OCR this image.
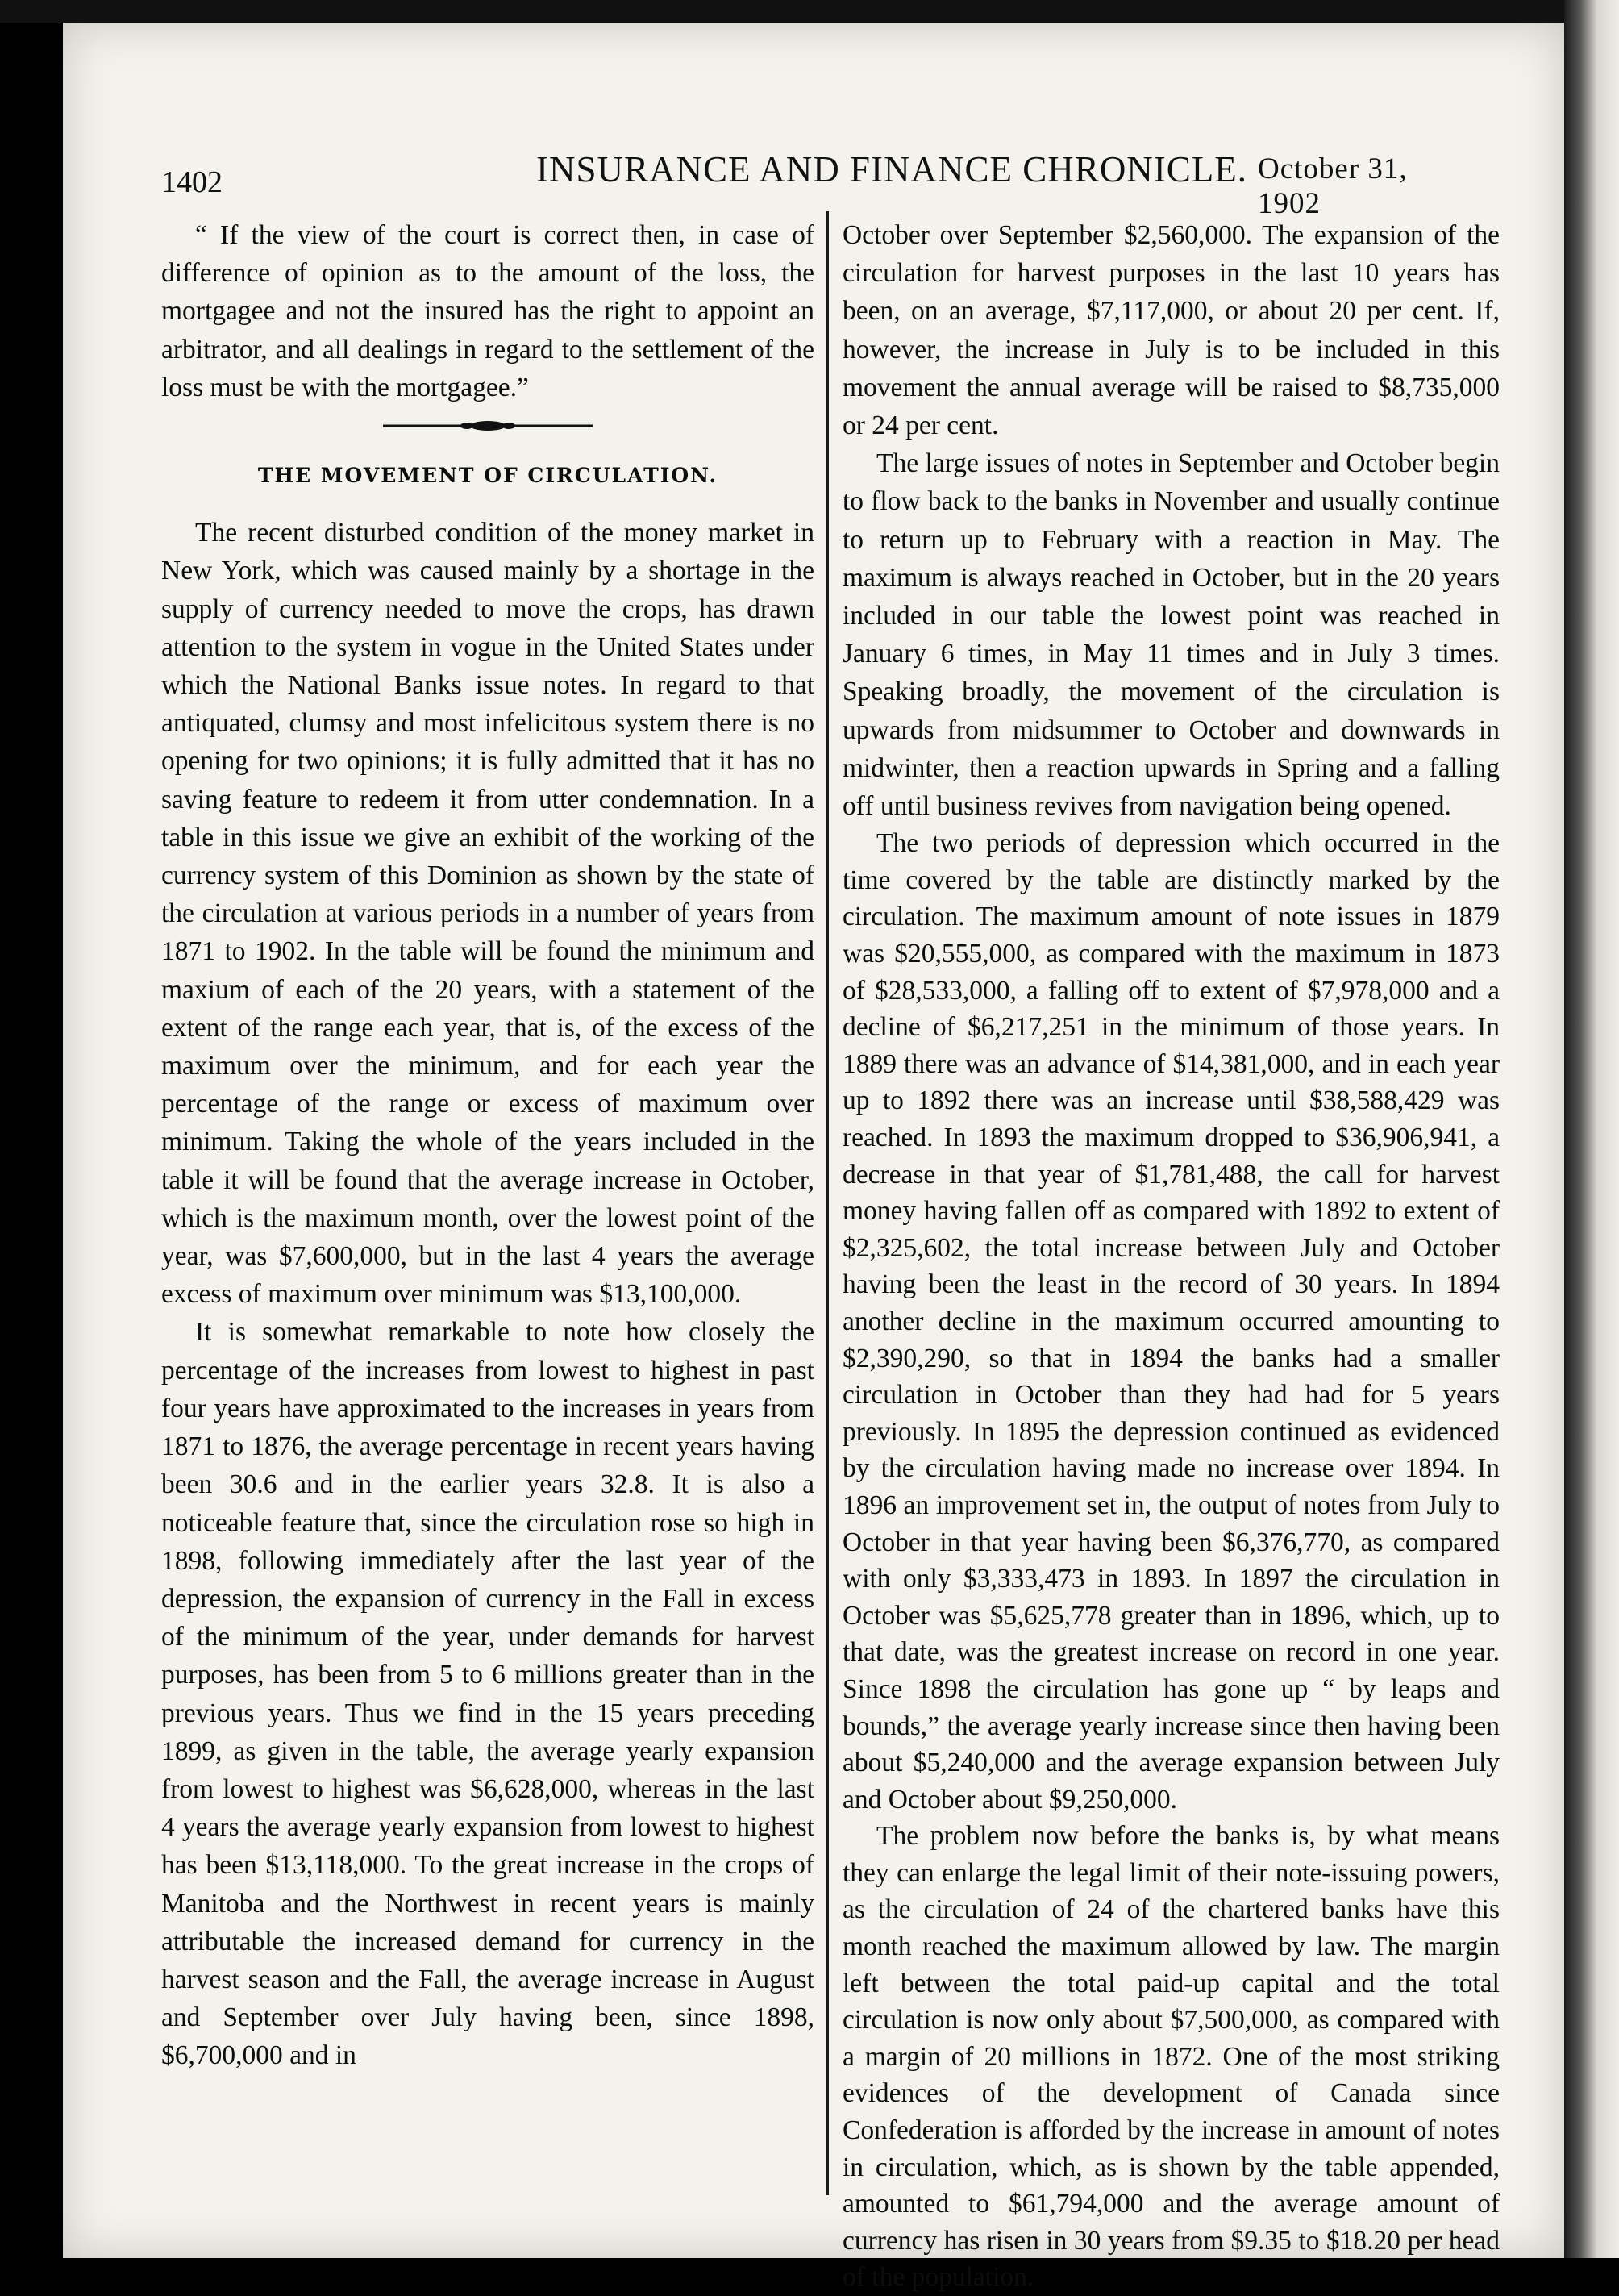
1402	INSURANCE AND FINANCE CHRONICLE. October 31, 1902

“ If the view of the court is correct then, in case of difference of opinion as to the amount of the loss, the mortgagee and not the insured has the right to appoint an arbitrator, and all dealings in regard to the settlement of the loss must be with the mortgagee.”

THE MOVEMENT OF CIRCULATION.

The recent disturbed condition of the money market in New York, which was caused mainly by a shortage in the supply of currency needed to move the crops, has drawn attention to the system in vogue in the United States under which the National Banks issue notes. In regard to that antiquated, clumsy and most infelicitous system there is no opening for two opinions; it is fully admitted that it has no saving feature to redeem it from utter condemnation. In a table in this issue we give an exhibit of the working of the currency system of this Dominion as shown by the state of the circulation at various periods in a number of years from 1871 to 1902. In the table will be found the minimum and maxium of each of the 20 years, with a statement of the extent of the range each year, that is, of the excess of the maximum over the minimum, and for each year the percentage of the range or excess of maximum over minimum. Taking the whole of the years included in the table it will be found that the average increase in October, which is the maximum month, over the lowest point of the year, was $7,600,000, but in the last 4 years the average excess of maximum over minimum was $13,100,000.

It is somewhat remarkable to note how closely the percentage of the increases from lowest to highest in past four years have approximated to the increases in years from 1871 to 1876, the average percentage in recent years having been 30.6 and in the earlier years 32.8. It is also a noticeable feature that, since the circulation rose so high in 1898, following immediately after the last year of the depression, the expansion of currency in the Fall in excess of the minimum of the year, under demands for harvest purposes, has been from 5 to 6 millions greater than in the previous years. Thus we find in the 15 years preceding 1899, as given in the table, the average yearly expansion from lowest to highest was $6,628,000, whereas in the last 4 years the average yearly expansion from lowest to highest has been $13,118,000. To the great increase in the crops of Manitoba and the Northwest in recent years is mainly attributable the increased demand for currency in the harvest season and the Fall, the average increase in August and September over July having been, since 1898, $6,700,000 and in

October over September $2,560,000. The expansion of the circulation for harvest purposes in the last 10 years has been, on an average, $7,117,000, or about 20 per cent. If, however, the increase in July is to be included in this movement the annual average will be raised to $8,735,000 or 24 per cent.

The large issues of notes in September and October begin to flow back to the banks in November and usually continue to return up to February with a reaction in May. The maximum is always reached in October, but in the 20 years included in our table the lowest point was reached in January 6 times, in May 11 times and in July 3 times. Speaking broadly, the movement of the circulation is upwards from midsummer to October and downwards in midwinter, then a reaction upwards in Spring and a falling off until business revives from navigation being opened.

The two periods of depression which occurred in the time covered by the table are distinctly marked by the circulation. The maximum amount of note issues in 1879 was $20,555,000, as compared with the maximum in 1873 of $28,533,000, a falling off to extent of $7,978,000 and a decline of $6,217,251 in the minimum of those years. In 1889 there was an advance of $14,381,000, and in each year up to 1892 there was an increase until $38,588,429 was reached. In 1893 the maximum dropped to $36,906,941, a decrease in that year of $1,781,488, the call for harvest money having fallen off as compared with 1892 to extent of $2,325,602, the total increase between July and October having been the least in the record of 30 years. In 1894 another decline in the maximum occurred amounting to $2,390,290, so that in 1894 the banks had a smaller circulation in October than they had had for 5 years previously. In 1895 the depression continued as evidenced by the circulation having made no increase over 1894. In 1896 an improvement set in, the output of notes from July to October in that year having been $6,376,770, as compared with only $3,333,473 in 1893. In 1897 the circulation in October was $5,625,778 greater than in 1896, which, up to that date, was the greatest increase on record in one year. Since 1898 the circulation has gone up “ by leaps and bounds,” the average yearly increase since then having been about $5,240,000 and the average expansion between July and October about $9,250,000.

The problem now before the banks is, by what means they can enlarge the legal limit of their note-issuing powers, as the circulation of 24 of the chartered banks have this month reached the maximum allowed by law. The margin left between the total paid-up capital and the total circulation is now only about $7,500,000, as compared with a margin of 20 millions in 1872. One of the most striking evidences of the development of Canada since Confederation is afforded by the increase in amount of notes in circulation, which, as is shown by the table appended, amounted to $61,794,000 and the average amount of currency has risen in 30 years from $9.35 to $18.20 per head of the population.
